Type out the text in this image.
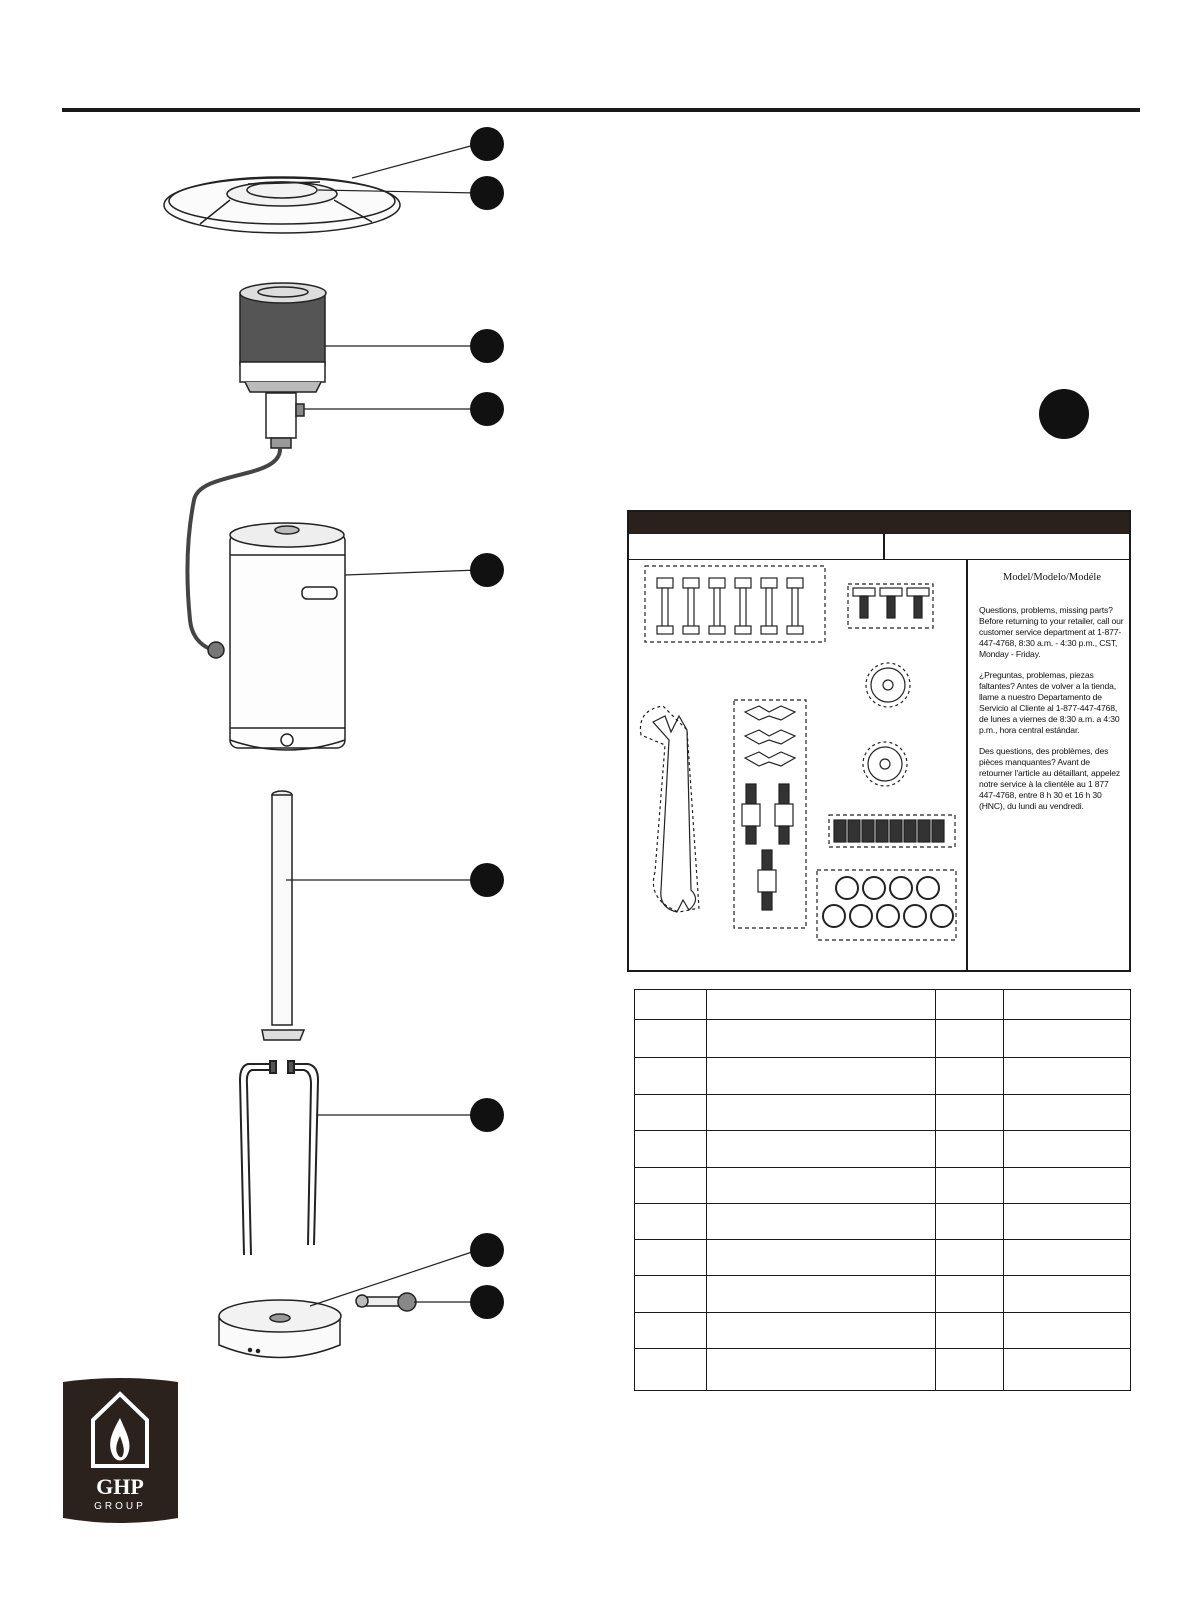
Model/Modelo/Modéle

Questions, problems, missing parts? Before returning to your retailer, call our customer service department at 1-877-447-4768, 8:30 a.m. - 4:30 p.m., CST, Monday - Friday.

¿Preguntas, problemas, piezas faltantes? Antes de volver a la tienda, llame a nuestro Departamento de Servicio al Cliente al 1-877-447-4768, de lunes a viernes de 8:30 a.m. a 4:30 p.m., hora central estándar.

Des questions, des problèmes, des pièces manquantes? Avant de retourner l'article au détaillant, appelez notre service à la clientèle au 1 877 447-4768, entre 8 h 30 et 16 h 30 (HNC), du lundi au vendredi.

GHP
GROUP
